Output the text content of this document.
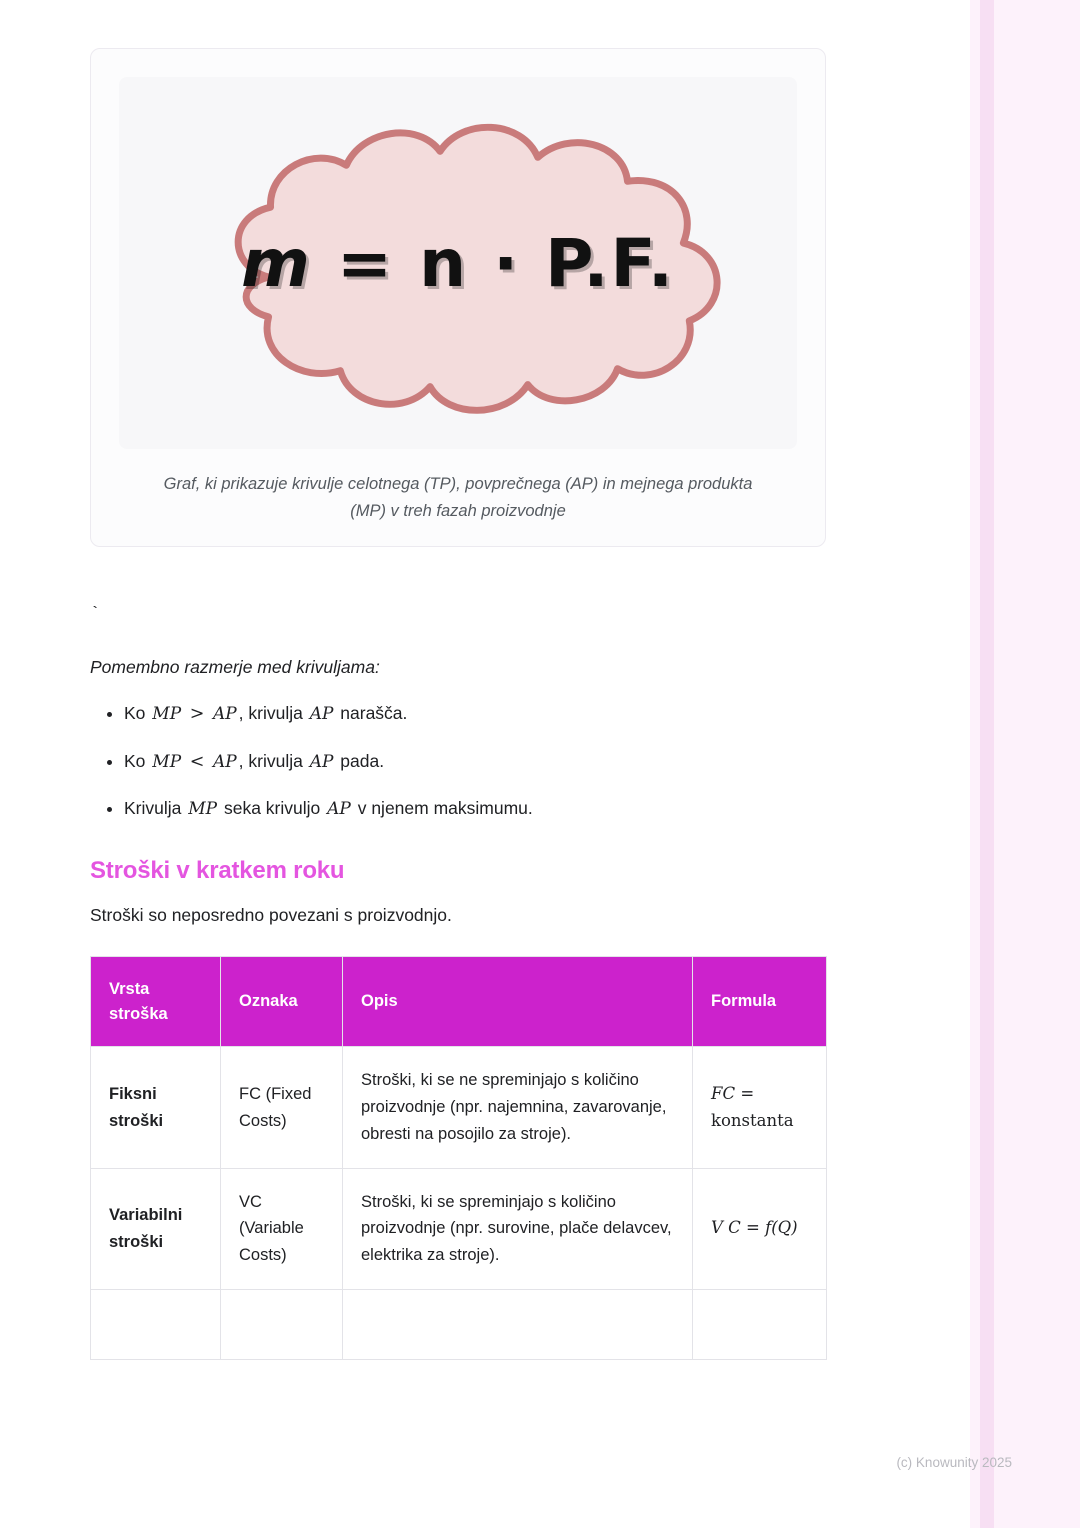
m = n · P.F.
Graf, ki prikazuje krivulje celotnega (TP), povprečnega (AP) in mejnega produkta (MP) v treh fazah proizvodnje
`
Pomembno razmerje med krivuljama:
• Ko MP > AP , krivulja AP narašča.
• Ko MP < AP , krivulja AP pada.
• Krivulja MP seka krivuljo AP v njenem maksimumu.
Stroški v kratkem roku
Stroški so neposredno povezani s proizvodnjo.
Vrsta stroška	Oznaka	Opis	Formula
Fiksni stroški	FC (Fixed Costs)	Stroški, ki se ne spreminjajo s količino proizvodnje (npr. najemnina, zavarovanje, obresti na posojilo za stroje).	FC = konstanta
Variabilni stroški	VC (Variable Costs)	Stroški, ki se spreminjajo s količino proizvodnje (npr. surovine, plače delavcev, elektrika za stroje).	V C = f(Q)

(c) Knowunity 2025
